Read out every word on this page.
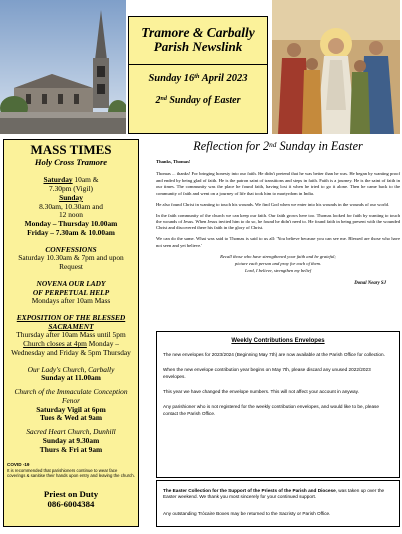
Tramore & Carbally
Parish Newslink
Sunday 16th April 2023
2nd Sunday of Easter
MASS TIMES
Holy Cross Tramore
Saturday 10am &
7.30pm (Vigil)
Sunday
8.30am, 10.30am and
12 noon
Monday – Thursday 10.00am
Friday – 7.30am & 10.00am
CONFESSIONS
Saturday 10.30am & 7pm and upon Request
NOVENA OUR LADY
OF PERPETUAL HELP
Mondays after 10am Mass
EXPOSITION OF THE BLESSED
SACRAMENT
Thursday after 10am Mass until 5pm
Church closes at 4pm Monday – Wednesday and Friday & 5pm Thursday
Our Lady's Church, Carbally
Sunday at 11.00am
Church of the Immaculate Conception
Fenor
Saturday Vigil at 6pm
Tues & Wed at 9am
Sacred Heart Church, Dunhill
Sunday at 9.30am
Thurs & Fri at 9am
COVID -19
It is recommended that parishioners continue to wear face coverings & sanitise their hands upon entry and leaving the church.
Priest on Duty
086-6004384
Reflection for 2nd Sunday in Easter

Thanks, Thomas!

Thomas ... thanks! For bringing honesty into our faith. He didn't pretend that he was better than he was. He began by wanting proof and ended by being glad of faith. He is the patron saint of transitions and steps in faith. Faith is a journey. He is the saint of faith in our times. The community was the place he found faith, having lost it when he tried to go it alone. Then he came back to the community of faith and went on a journey of life that took him to martyrdom in India.

He also found Christ in wanting to touch his wounds. We find God when we enter into his wounds in the wounds of our world.

In the faith community of the church we can keep our faith. Our faith grows here too. Thomas looked for faith by wanting to touch the wounds of Jesus. When Jesus invited him to do so, he found he didn't need to. He found faith in being present with the wounded Christ and discovered there his faith in the glory of Christ.

We can do the same. What was said to Thomas is said to us all: 'You believe because you can see me. Blessed are those who have not seen and yet believe.'

Recall those who have strengthened your faith and be grateful;
picture each person and pray for each of them.
Lord, I believe, strengthen my belief
Donal Neary SJ
Weekly Contributions Envelopes

The new envelopes for 2023/2024 (Beginning May 7th) are now available at the Parish Office for collection.

When the new envelope contribution year begins on May 7th, please discard any unused 2022/2023 envelopes.

This year we have changed the envelope numbers. This will not affect your account in anyway.

Any parishioner who is not registered for the weekly contribution envelopes, and would like to be, please contact the Parish Office.

The Easter Collection for the Support of the Priests of the Parish and Diocese, was taken up over the Easter weekend. We thank you most sincerely for your continued support.

Any outstanding Trócaire Boxes may be returned to the Sacristy or Parish Office.
